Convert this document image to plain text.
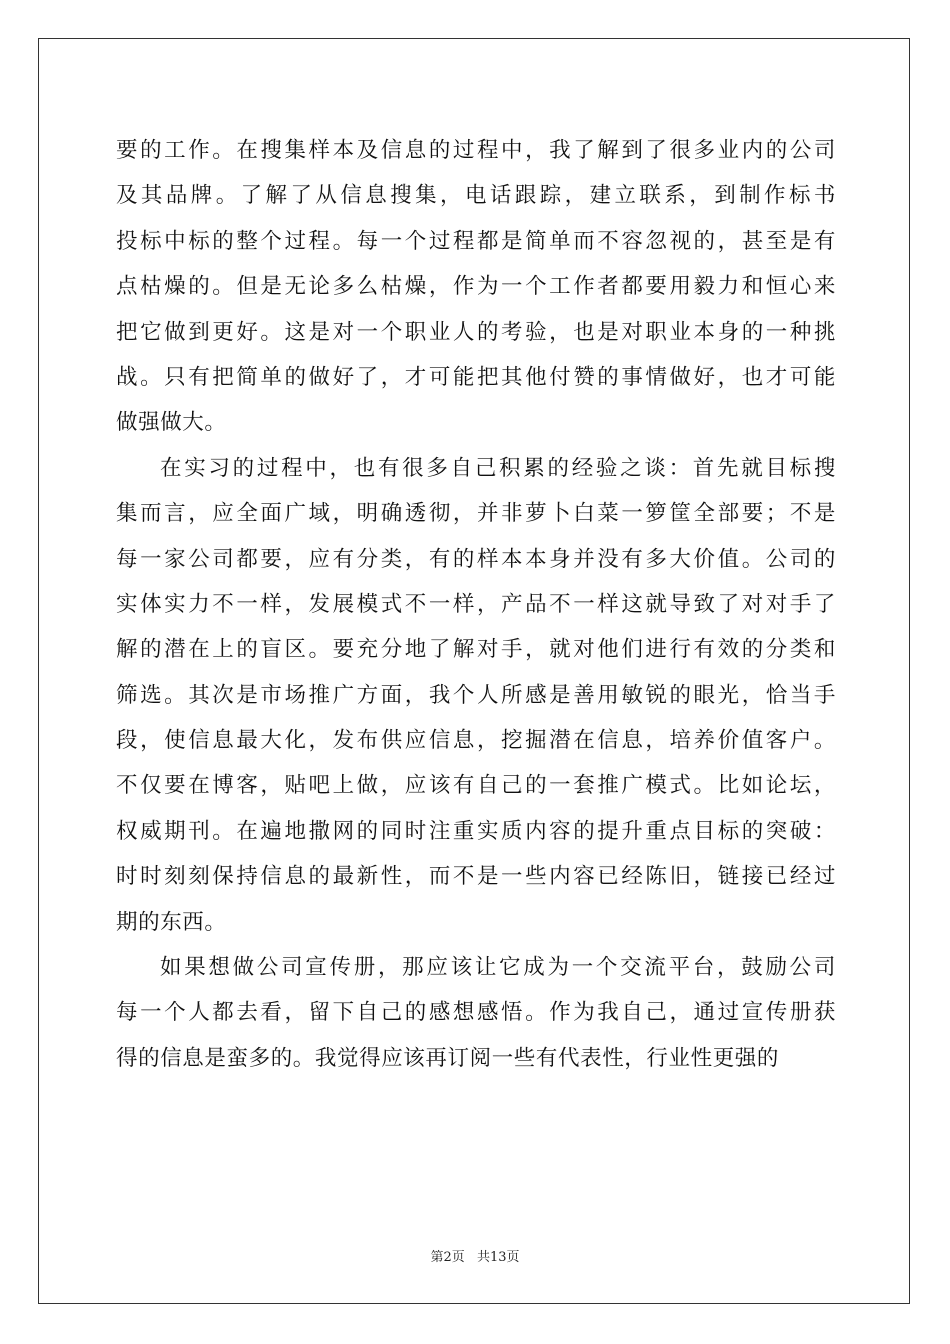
要的工作。在搜集样本及信息的过程中，我了解到了很多业内的公司
及其品牌。了解了从信息搜集，电话跟踪，建立联系，到制作标书
投标中标的整个过程。每一个过程都是简单而不容忽视的，甚至是有
点枯燥的。但是无论多么枯燥，作为一个工作者都要用毅力和恒心来
把它做到更好。这是对一个职业人的考验，也是对职业本身的一种挑
战。只有把简单的做好了，才可能把其他付赞的事情做好，也才可能
做强做大。
在实习的过程中，也有很多自己积累的经验之谈：首先就目标搜
集而言，应全面广域，明确透彻，并非萝卜白菜一箩筐全部要；不是
每一家公司都要，应有分类，有的样本本身并没有多大价值。公司的
实体实力不一样，发展模式不一样，产品不一样这就导致了对对手了
解的潜在上的盲区。要充分地了解对手，就对他们进行有效的分类和
筛选。其次是市场推广方面，我个人所感是善用敏锐的眼光，恰当手
段，使信息最大化，发布供应信息，挖掘潜在信息，培养价值客户。
不仅要在博客，贴吧上做，应该有自己的一套推广模式。比如论坛，
权威期刊。在遍地撒网的同时注重实质内容的提升重点目标的突破：
时时刻刻保持信息的最新性，而不是一些内容已经陈旧，链接已经过
期的东西。
如果想做公司宣传册，那应该让它成为一个交流平台，鼓励公司
每一个人都去看，留下自己的感想感悟。作为我自己，通过宣传册获
得的信息是蛮多的。我觉得应该再订阅一些有代表性，行业性更强的
第2页 共13页
